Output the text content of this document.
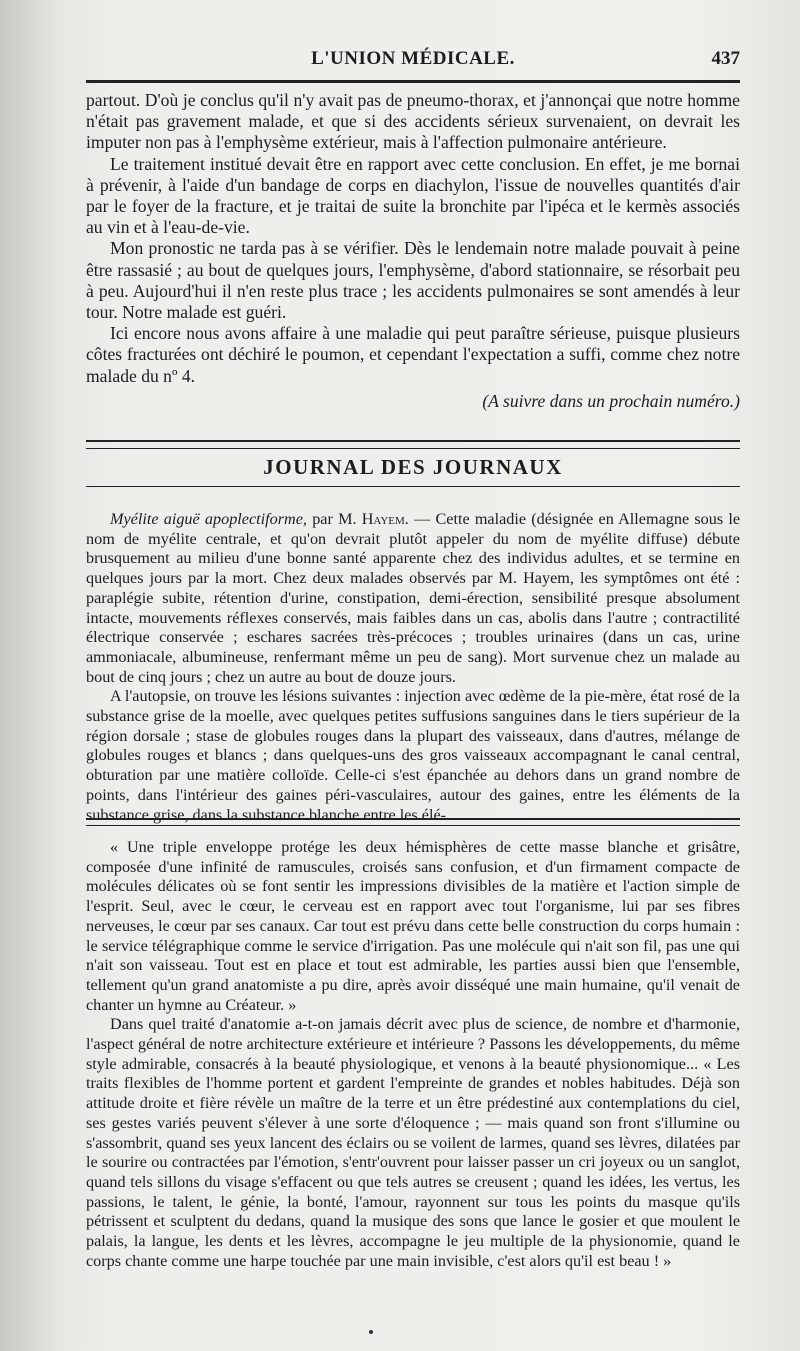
L'UNION MÉDICALE.	437

partout. D'où je conclus qu'il n'y avait pas de pneumo-thorax, et j'annonçai que notre homme n'était pas gravement malade, et que si des accidents sérieux survenaient, on devrait les imputer non pas à l'emphysème extérieur, mais à l'affection pulmonaire antérieure.

Le traitement institué devait être en rapport avec cette conclusion. En effet, je me bornai à prévenir, à l'aide d'un bandage de corps en diachylon, l'issue de nouvelles quantités d'air par le foyer de la fracture, et je traitai de suite la bronchite par l'ipéca et le kermès associés au vin et à l'eau-de-vie.

Mon pronostic ne tarda pas à se vérifier. Dès le lendemain notre malade pouvait à peine être rassasié ; au bout de quelques jours, l'emphysème, d'abord stationnaire, se résorbait peu à peu. Aujourd'hui il n'en reste plus trace ; les accidents pulmonaires se sont amendés à leur tour. Notre malade est guéri.

Ici encore nous avons affaire à une maladie qui peut paraître sérieuse, puisque plusieurs côtes fracturées ont déchiré le poumon, et cependant l'expectation a suffi, comme chez notre malade du nº 4.

(A suivre dans un prochain numéro.)

JOURNAL DES JOURNAUX

Myélite aiguë apoplectiforme, par M. Hayem. — Cette maladie (désignée en Allemagne sous le nom de myélite centrale, et qu'on devrait plutôt appeler du nom de myélite diffuse) débute brusquement au milieu d'une bonne santé apparente chez des individus adultes, et se termine en quelques jours par la mort. Chez deux malades observés par M. Hayem, les symptômes ont été : paraplégie subite, rétention d'urine, constipation, demi-érection, sensibilité presque absolument intacte, mouvements réflexes conservés, mais faibles dans un cas, abolis dans l'autre ; contractilité électrique conservée ; eschares sacrées très-précoces ; troubles urinaires (dans un cas, urine ammoniacale, albumineuse, renfermant même un peu de sang). Mort survenue chez un malade au bout de cinq jours ; chez un autre au bout de douze jours.

A l'autopsie, on trouve les lésions suivantes : injection avec œdème de la pie-mère, état rosé de la substance grise de la moelle, avec quelques petites suffusions sanguines dans le tiers supérieur de la région dorsale ; stase de globules rouges dans la plupart des vaisseaux, dans d'autres, mélange de globules rouges et blancs ; dans quelques-uns des gros vaisseaux accompagnant le canal central, obturation par une matière colloïde. Celle-ci s'est épanchée au dehors dans un grand nombre de points, dans l'intérieur des gaines péri-vasculaires, autour des gaines, entre les éléments de la substance grise, dans la substance blanche entre les élé-

« Une triple enveloppe protége les deux hémisphères de cette masse blanche et grisâtre, composée d'une infinité de ramuscules, croisés sans confusion, et d'un firmament compacte de molécules délicates où se font sentir les impressions divisibles de la matière et l'action simple de l'esprit. Seul, avec le cœur, le cerveau est en rapport avec tout l'organisme, lui par ses fibres nerveuses, le cœur par ses canaux. Car tout est prévu dans cette belle construction du corps humain : le service télégraphique comme le service d'irrigation. Pas une molécule qui n'ait son fil, pas une qui n'ait son vaisseau. Tout est en place et tout est admirable, les parties aussi bien que l'ensemble, tellement qu'un grand anatomiste a pu dire, après avoir disséqué une main humaine, qu'il venait de chanter un hymne au Créateur. »

Dans quel traité d'anatomie a-t-on jamais décrit avec plus de science, de nombre et d'harmonie, l'aspect général de notre architecture extérieure et intérieure ? Passons les développements, du même style admirable, consacrés à la beauté physiologique, et venons à la beauté physionomique... « Les traits flexibles de l'homme portent et gardent l'empreinte de grandes et nobles habitudes. Déjà son attitude droite et fière révèle un maître de la terre et un être prédestiné aux contemplations du ciel, ses gestes variés peuvent s'élever à une sorte d'éloquence ; — mais quand son front s'illumine ou s'assombrit, quand ses yeux lancent des éclairs ou se voilent de larmes, quand ses lèvres, dilatées par le sourire ou contractées par l'émotion, s'entr'ouvrent pour laisser passer un cri joyeux ou un sanglot, quand tels sillons du visage s'effacent ou que tels autres se creusent ; quand les idées, les vertus, les passions, le talent, le génie, la bonté, l'amour, rayonnent sur tous les points du masque qu'ils pétrissent et sculptent du dedans, quand la musique des sons que lance le gosier et que moulent le palais, la langue, les dents et les lèvres, accompagne le jeu multiple de la physionomie, quand le corps chante comme une harpe touchée par une main invisible, c'est alors qu'il est beau ! »
